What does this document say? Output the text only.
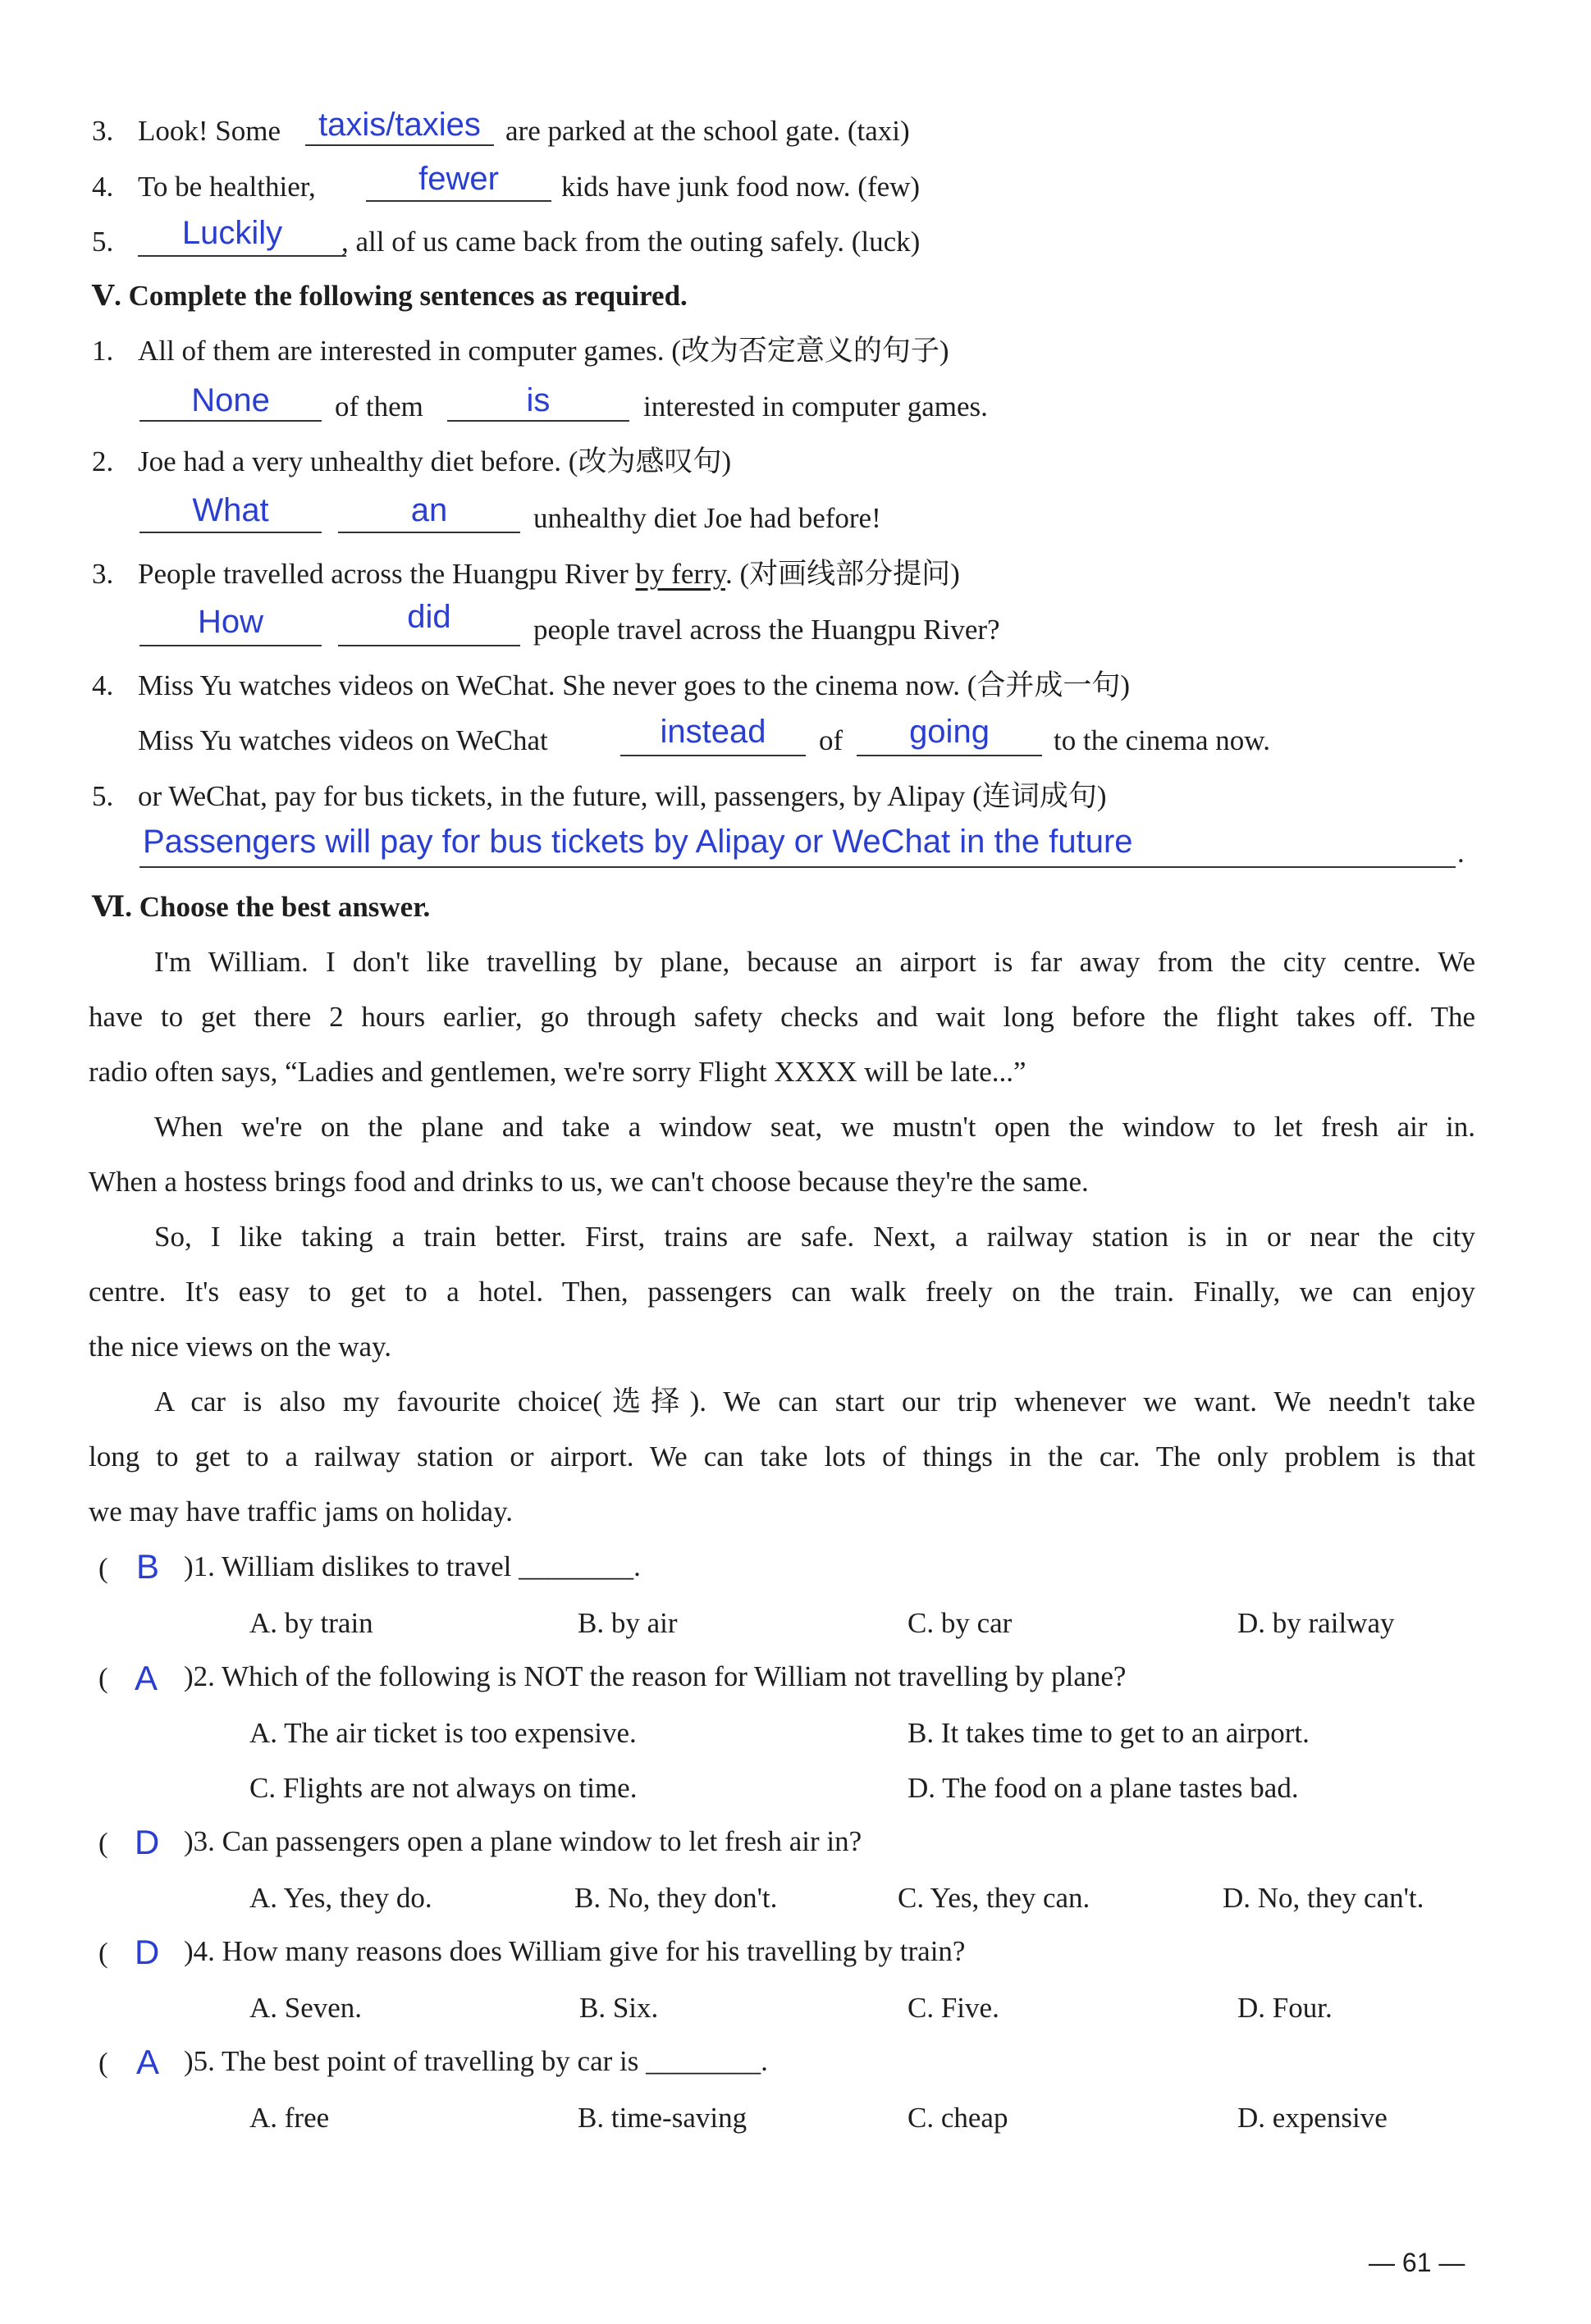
3. Look! Some	taxis/taxies are parked at the school gate. (taxi)
4. To be healthier,	fewer	kids have junk food now. (few)
5.	Luckily	, all of us came back from the outing safely. (luck)
Ⅴ. Complete the following sentences as required.
1. All of them are interested in computer games. (改为否定意义的句子)
None	of them	is	interested in computer games.
2. Joe had a very unhealthy diet before. (改为感叹句)
What	an	unhealthy diet Joe had before!
3. People travelled across the Huangpu River by ferry. (对画线部分提问)
How	did	people travel across the Huangpu River?
4. Miss Yu watches videos on WeChat. She never goes to the cinema now. (合并成一句)
Miss Yu watches videos on WeChat	instead	of	going	to the cinema now.
5. or WeChat, pay for bus tickets, in the future, will, passengers, by Alipay (连词成句)
Passengers will pay for bus tickets by Alipay or WeChat in the future	.
Ⅵ. Choose the best answer.
I'm William. I don't like travelling by plane, because an airport is far away from the city centre. We
have to get there 2 hours earlier, go through safety checks and wait long before the flight takes off. The
radio often says, “Ladies and gentlemen, we're sorry Flight XXXX will be late...”
When we're on the plane and take a window seat, we mustn't open the window to let fresh air in.
When a hostess brings food and drinks to us, we can't choose because they're the same.
So, I like taking a train better. First, trains are safe. Next, a railway station is in or near the city
centre. It's easy to get to a hotel. Then, passengers can walk freely on the train. Finally, we can enjoy
the nice views on the way.
A car is also my favourite choice(选择). We can start our trip whenever we want. We needn't take
long to get to a railway station or airport. We can take lots of things in the car. The only problem is that
we may have traffic jams on holiday.
( B )1. William dislikes to travel ________.
A. by train	B. by air	C. by car	D. by railway
( A )2. Which of the following is NOT the reason for William not travelling by plane?
A. The air ticket is too expensive.	B. It takes time to get to an airport.
C. Flights are not always on time.	D. The food on a plane tastes bad.
( D )3. Can passengers open a plane window to let fresh air in?
A. Yes, they do.	B. No, they don't.	C. Yes, they can.	D. No, they can't.
( D )4. How many reasons does William give for his travelling by train?
A. Seven.	B. Six.	C. Five.	D. Four.
( A )5. The best point of travelling by car is ________.
A. free	B. time-saving	C. cheap	D. expensive
— 61 —
